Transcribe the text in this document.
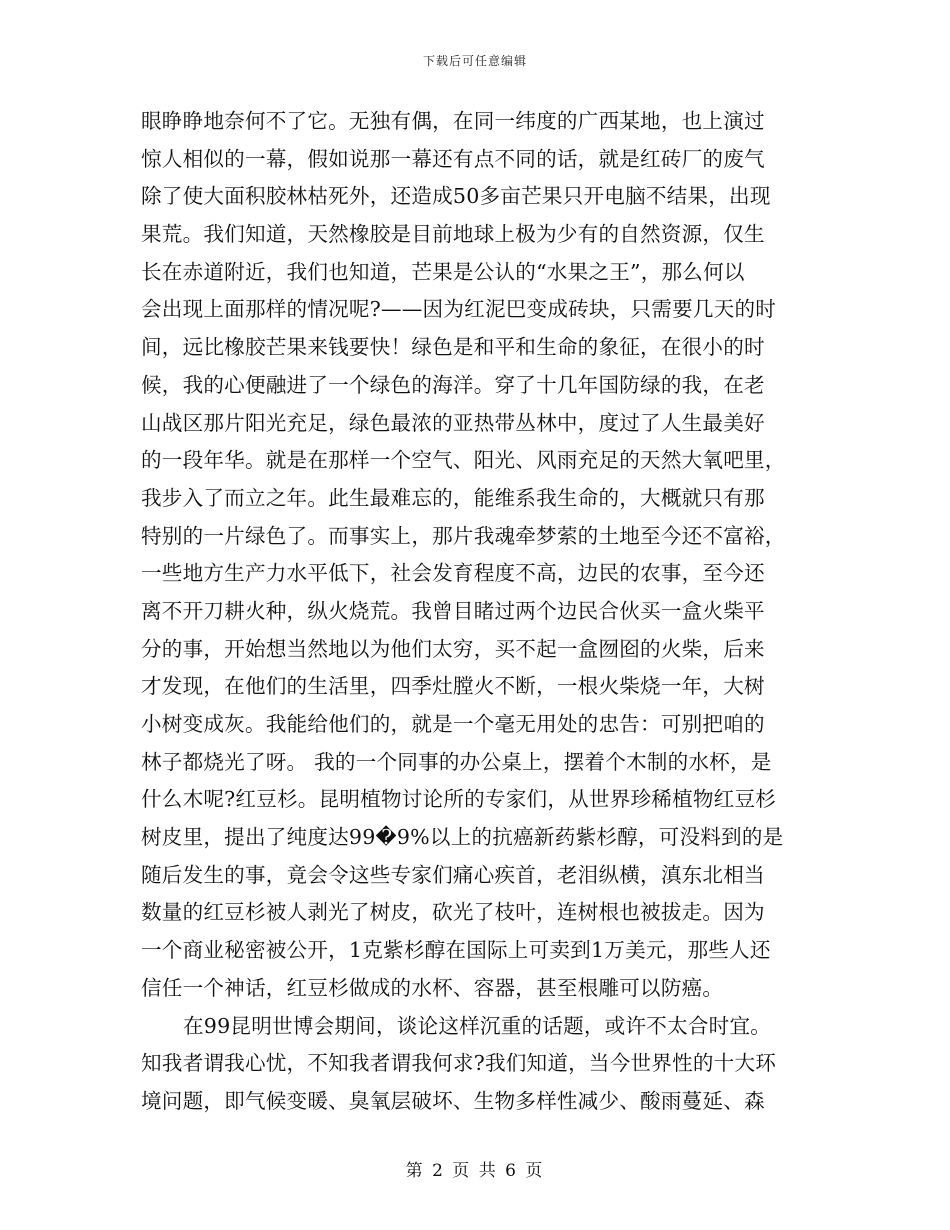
下载后可任意编辑
眼睁睁地奈何不了它。无独有偶，在同一纬度的广西某地，也上演过
惊人相似的一幕，假如说那一幕还有点不同的话，就是红砖厂的废气
除了使大面积胶林枯死外，还造成50多亩芒果只开电脑不结果，出现
果荒。我们知道，天然橡胶是目前地球上极为少有的自然资源，仅生
长在赤道附近，我们也知道，芒果是公认的“水果之王”，那么何以
会出现上面那样的情况呢?——因为红泥巴变成砖块，只需要几天的时
间，远比橡胶芒果来钱要快！绿色是和平和生命的象征，在很小的时
候，我的心便融进了一个绿色的海洋。穿了十几年国防绿的我，在老
山战区那片阳光充足，绿色最浓的亚热带丛林中，度过了人生最美好
的一段年华。就是在那样一个空气、阳光、风雨充足的天然大氧吧里，
我步入了而立之年。此生最难忘的，能维系我生命的，大概就只有那
特别的一片绿色了。而事实上，那片我魂牵梦萦的土地至今还不富裕，
一些地方生产力水平低下，社会发育程度不高，边民的农事，至今还
离不开刀耕火种，纵火烧荒。我曾目睹过两个边民合伙买一盒火柴平
分的事，开始想当然地以为他们太穷，买不起一盒囫囵的火柴，后来
才发现，在他们的生活里，四季灶膛火不断，一根火柴烧一年，大树
小树变成灰。我能给他们的，就是一个毫无用处的忠告：可别把咱的
林子都烧光了呀。 我的一个同事的办公桌上，摆着个木制的水杯，是
什么木呢?红豆杉。昆明植物讨论所的专家们，从世界珍稀植物红豆杉
树皮里，提出了纯度达99�9%以上的抗癌新药紫杉醇，可没料到的是
随后发生的事，竟会令这些专家们痛心疾首，老泪纵横，滇东北相当
数量的红豆杉被人剥光了树皮，砍光了枝叶，连树根也被拔走。因为
一个商业秘密被公开，1克紫杉醇在国际上可卖到1万美元，那些人还
信任一个神话，红豆杉做成的水杯、容器，甚至根雕可以防癌。
在99昆明世博会期间，谈论这样沉重的话题，或许不太合时宜。
知我者谓我心忧，不知我者谓我何求?我们知道，当今世界性的十大环
境问题，即气候变暖、臭氧层破坏、生物多样性减少、酸雨蔓延、森
第 2 页 共 6 页
